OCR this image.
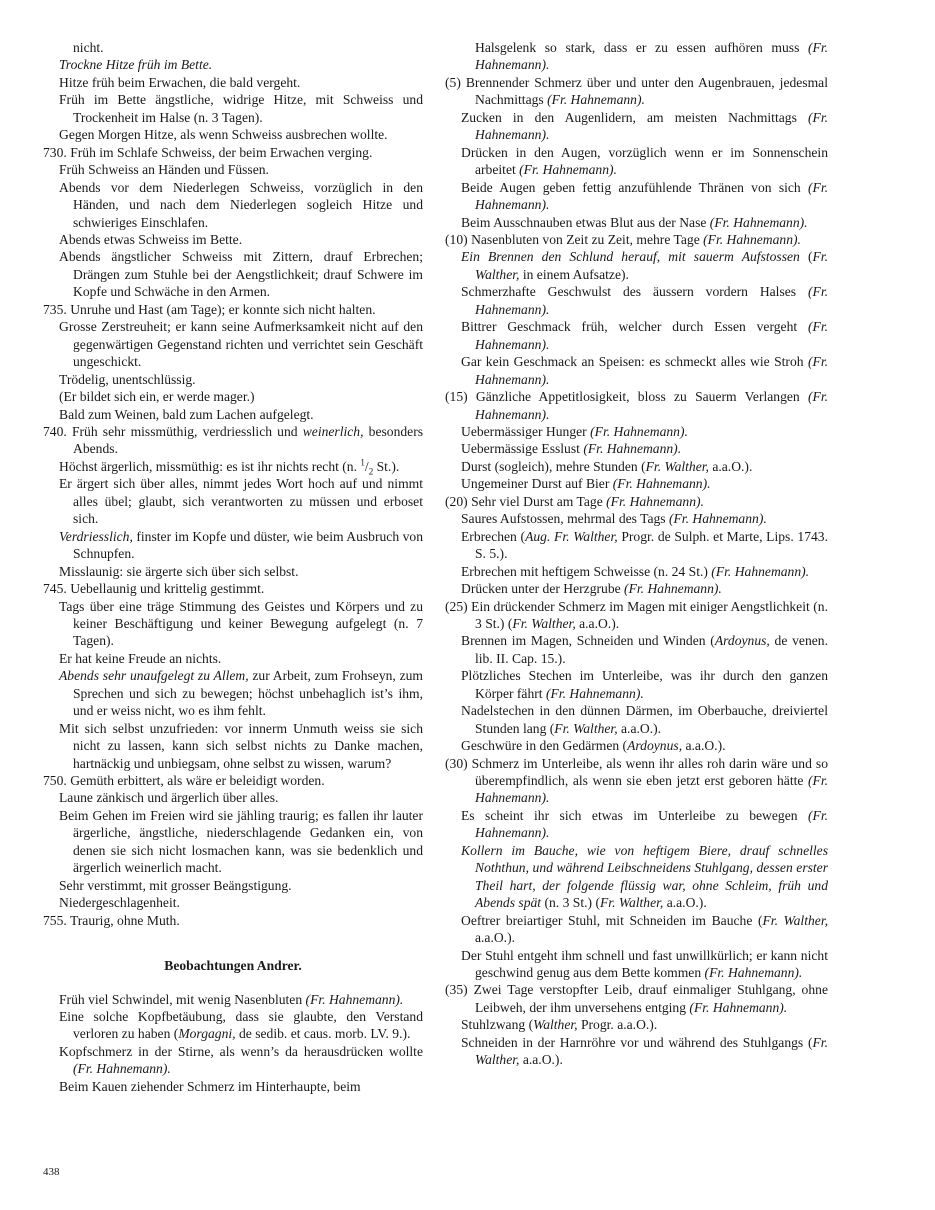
nicht.

Trockne Hitze früh im Bette.

Hitze früh beim Erwachen, die bald vergeht.

Früh im Bette ängstliche, widrige Hitze, mit Schweiss und Trockenheit im Halse (n. 3 Tagen).

Gegen Morgen Hitze, als wenn Schweiss ausbrechen wollte.

730. Früh im Schlafe Schweiss, der beim Erwachen verging.

Früh Schweiss an Händen und Füssen.

Abends vor dem Niederlegen Schweiss, vorzüglich in den Händen, und nach dem Niederlegen sogleich Hitze und schwieriges Einschlafen.

Abends etwas Schweiss im Bette.

Abends ängstlicher Schweiss mit Zittern, drauf Erbrechen; Drängen zum Stuhle bei der Aengstlichkeit; drauf Schwere im Kopfe und Schwäche in den Armen.

735. Unruhe und Hast (am Tage); er konnte sich nicht halten.

Grosse Zerstreuheit; er kann seine Aufmerksamkeit nicht auf den gegenwärtigen Gegenstand richten und verrichtet sein Geschäft ungeschickt.

Trödelig, unentschlüssig.

(Er bildet sich ein, er werde mager.)

Bald zum Weinen, bald zum Lachen aufgelegt.

740. Früh sehr missmüthig, verdriesslich und weinerlich, besonders Abends.

Höchst ärgerlich, missmüthig: es ist ihr nichts recht (n. $^1/_2$ St.).

Er ärgert sich über alles, nimmt jedes Wort hoch auf und nimmt alles übel; glaubt, sich verantworten zu müssen und erboset sich.

Verdriesslich, finster im Kopfe und düster, wie beim Ausbruch von Schnupfen.

Misslaunig: sie ärgerte sich über sich selbst.

745. Uebellaunig und krittelig gestimmt.

Tags über eine träge Stimmung des Geistes und Körpers und zu keiner Beschäftigung und keiner Bewegung aufgelegt (n. 7 Tagen).

Er hat keine Freude an nichts.

Abends sehr unaufgelegt zu Allem, zur Arbeit, zum Frohseyn, zum Sprechen und sich zu bewegen; höchst unbehaglich ist’s ihm, und er weiss nicht, wo es ihm fehlt.

Mit sich selbst unzufrieden: vor innerm Unmuth weiss sie sich nicht zu lassen, kann sich selbst nichts zu Danke machen, hartnäckig und unbiegsam, ohne selbst zu wissen, warum?

750. Gemüth erbittert, als wäre er beleidigt worden.

Laune zänkisch und ärgerlich über alles.

Beim Gehen im Freien wird sie jähling traurig; es fallen ihr lauter ärgerliche, ängstliche, niederschlagende Gedanken ein, von denen sie sich nicht losmachen kann, was sie bedenklich und ärgerlich weinerlich macht.

Sehr verstimmt, mit grosser Beängstigung.

Niedergeschlagenheit.

755. Traurig, ohne Muth.

Beobachtungen Andrer.

Früh viel Schwindel, mit wenig Nasenbluten (Fr. Hahnemann).

Eine solche Kopfbetäubung, dass sie glaubte, den Verstand verloren zu haben (Morgagni, de sedib. et caus. morb. LV. 9.).

Kopfschmerz in der Stirne, als wenn’s da herausdrücken wollte (Fr. Hahnemann).

Beim Kauen ziehender Schmerz im Hinterhaupte, beim

Halsgelenk so stark, dass er zu essen aufhören muss (Fr. Hahnemann).

(5) Brennender Schmerz über und unter den Augenbrauen, jedesmal Nachmittags (Fr. Hahnemann).

Zucken in den Augenlidern, am meisten Nachmittags (Fr. Hahnemann).

Drücken in den Augen, vorzüglich wenn er im Sonnenschein arbeitet (Fr. Hahnemann).

Beide Augen geben fettig anzufühlende Thränen von sich (Fr. Hahnemann).

Beim Ausschnauben etwas Blut aus der Nase (Fr. Hahnemann).

(10) Nasenbluten von Zeit zu Zeit, mehre Tage (Fr. Hahnemann).

Ein Brennen den Schlund herauf, mit sauerm Aufstossen (Fr. Walther, in einem Aufsatze).

Schmerzhafte Geschwulst des äussern vordern Halses (Fr. Hahnemann).

Bittrer Geschmack früh, welcher durch Essen vergeht (Fr. Hahnemann).

Gar kein Geschmack an Speisen: es schmeckt alles wie Stroh (Fr. Hahnemann).

(15) Gänzliche Appetitlosigkeit, bloss zu Sauerm Verlangen (Fr. Hahnemann).

Uebermässiger Hunger (Fr. Hahnemann).

Uebermässige Esslust (Fr. Hahnemann).

Durst (sogleich), mehre Stunden (Fr. Walther, a.a.O.).

Ungemeiner Durst auf Bier (Fr. Hahnemann).

(20) Sehr viel Durst am Tage (Fr. Hahnemann).

Saures Aufstossen, mehrmal des Tags (Fr. Hahnemann).

Erbrechen (Aug. Fr. Walther, Progr. de Sulph. et Marte, Lips. 1743. S. 5.).

Erbrechen mit heftigem Schweisse (n. 24 St.) (Fr. Hahnemann).

Drücken unter der Herzgrube (Fr. Hahnemann).

(25) Ein drückender Schmerz im Magen mit einiger Aengstlichkeit (n. 3 St.) (Fr. Walther, a.a.O.).

Brennen im Magen, Schneiden und Winden (Ardoynus, de venen. lib. II. Cap. 15.).

Plötzliches Stechen im Unterleibe, was ihr durch den ganzen Körper fährt (Fr. Hahnemann).

Nadelstechen in den dünnen Därmen, im Oberbauche, dreiviertel Stunden lang (Fr. Walther, a.a.O.).

Geschwüre in den Gedärmen (Ardoynus, a.a.O.).

(30) Schmerz im Unterleibe, als wenn ihr alles roh darin wäre und so überempfindlich, als wenn sie eben jetzt erst geboren hätte (Fr. Hahnemann).

Es scheint ihr sich etwas im Unterleibe zu bewegen (Fr. Hahnemann).

Kollern im Bauche, wie von heftigem Biere, drauf schnelles Noththun, und während Leibschneidens Stuhlgang, dessen erster Theil hart, der folgende flüssig war, ohne Schleim, früh und Abends spät (n. 3 St.) (Fr. Walther, a.a.O.).

Oeftrer breiartiger Stuhl, mit Schneiden im Bauche (Fr. Walther, a.a.O.).

Der Stuhl entgeht ihm schnell und fast unwillkürlich; er kann nicht geschwind genug aus dem Bette kommen (Fr. Hahnemann).

(35) Zwei Tage verstopfter Leib, drauf einmaliger Stuhlgang, ohne Leibweh, der ihm unversehens entging (Fr. Hahnemann).

Stuhlzwang (Walther, Progr. a.a.O.).

Schneiden in der Harnröhre vor und während des Stuhlgangs (Fr. Walther, a.a.O.).

438
